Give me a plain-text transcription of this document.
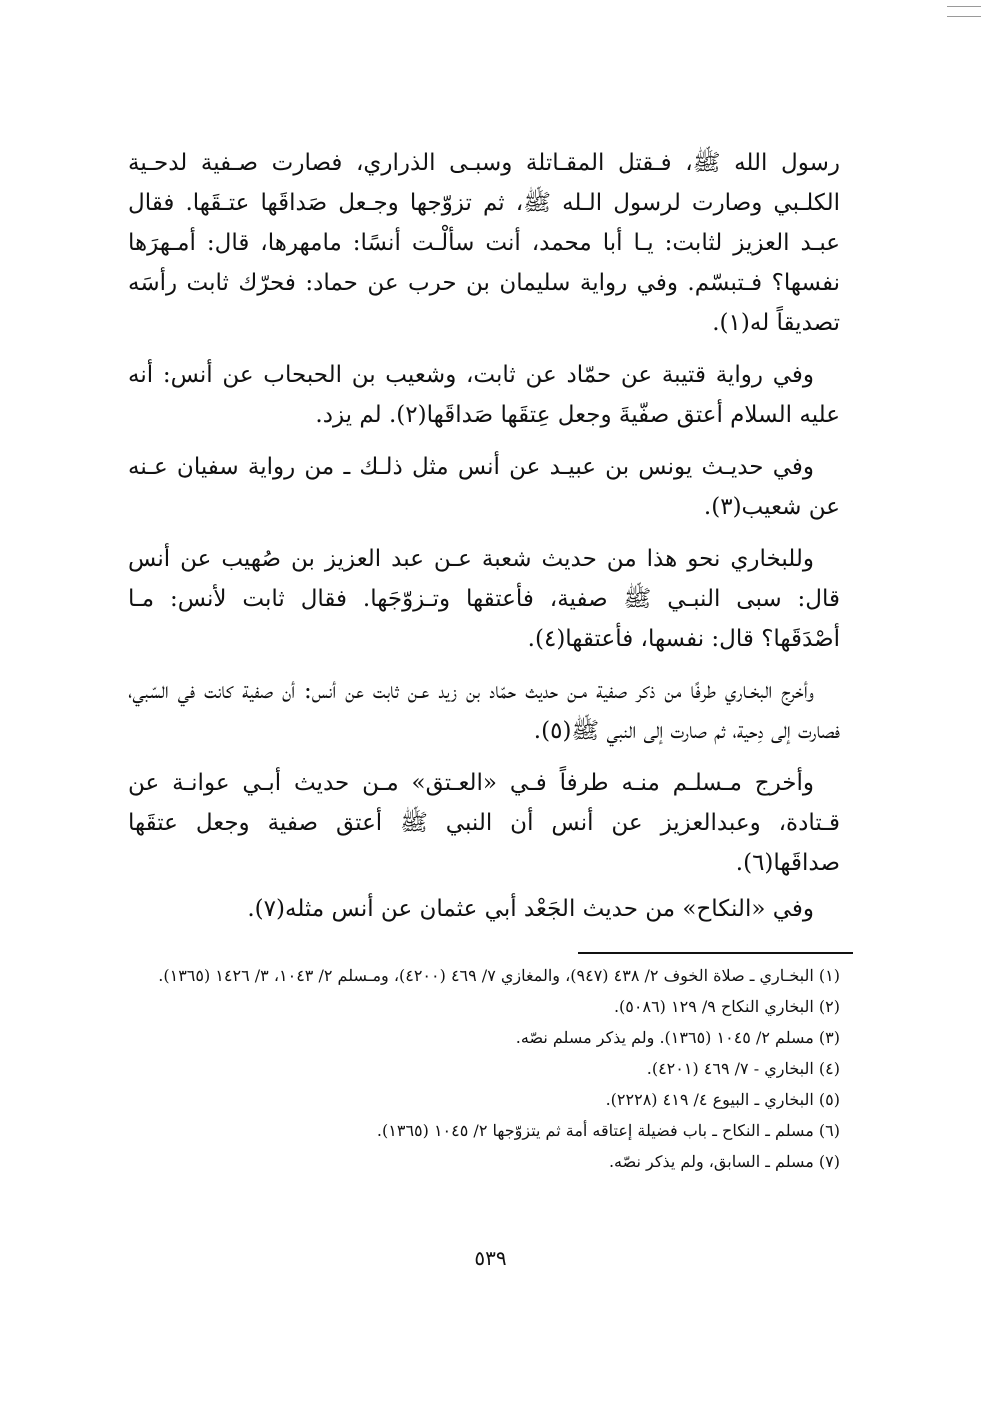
رسول الله ﷺ، فـقتل المقـاتلة وسبـى الذراري، فصارت صـفية لدحـية الكلـبي وصارت لرسول الـله ﷺ، ثم تزوّجها وجـعل صَداقَها عتـقَها. فقال عبـد العزيز لثابت: يـا أبا محمد، أنت سألْـت أنسًا: مامهرها، قال: أمـهرَها نفسها؟ فـتبسّم. وفي رواية سليمان بن حرب عن حماد: فحرّك ثابت رأسَه تصديقاً له(١).

وفي رواية قتيبة عن حمّاد عن ثابت، وشعيب بن الحبحاب عن أنس: أنه عليه السلام أعتق صفّيةَ وجعل عِتقَها صَداقَها(٢). لم يزد.

وفي حديـث يونس بن عبيـد عن أنس مثل ذلـك ـ من رواية سفيان عـنه عن شعيب(٣).

وللبخاري نحو هذا من حديث شعبة عـن عبد العزيز بن صُهيب عن أنس قال: سبى النبـي ﷺ صفية، فأعتقها وتـزوّجَها. فقال ثابت لأنس: مـا أصْدَقَها؟ قال: نفسها، فأعتقها(٤).

وأخرج البخـاري طرفًا من ذكر صفية مـن حديث حمّاد بن زيد عـن ثابت عن أنس: أن صفية كانت في السّبي، فصارت إلى دِحية، ثم صارت إلى النبي ﷺ(٥).

وأخرج مـسلـم منـه طرفاً فـي «العـتق» مـن حديث أبـي عوانـة عن قـتادة، وعبدالعزيز عن أنس أن النبي ﷺ أعتق صفية وجعل عتقَها صداقَها(٦).

وفي «النكاح» من حديث الجَعْد أبي عثمان عن أنس مثله(٧).

(١) البخـاري ـ صلاة الخوف ٢/ ٤٣٨ (٩٤٧)، والمغازي ٧/ ٤٦٩ (٤٢٠٠)، ومـسلم ٢/ ١٠٤٣، ٣/ ١٤٢٦ (١٣٦٥).

(٢) البخاري النكاح ٩/ ١٢٩ (٥٠٨٦).

(٣) مسلم ٢/ ١٠٤٥ (١٣٦٥). ولم يذكر مسلم نصّه.

(٤) البخاري - ٧/ ٤٦٩ (٤٢٠١).

(٥) البخاري ـ البيوع ٤/ ٤١٩ (٢٢٢٨).

(٦) مسلم ـ النكاح ـ باب فضيلة إعتاقه أمة ثم يتزوّجها ٢/ ١٠٤٥ (١٣٦٥).

(٧) مسلم ـ السابق، ولم يذكر نصّه.

٥٣٩
